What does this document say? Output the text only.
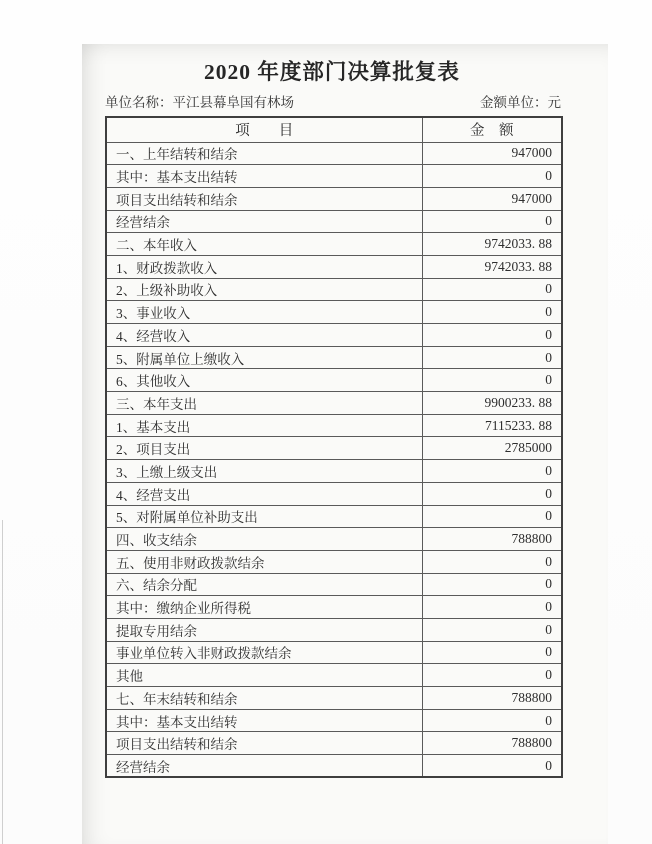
2020 年度部门决算批复表
单位名称：平江县幕阜国有林场	金额单位：元
项　　目	金　额
一、上年结转和结余	947000
其中：基本支出结转	0
项目支出结转和结余	947000
经营结余	0
二、本年收入	9742033. 88
1、财政拨款收入	9742033. 88
2、上级补助收入	0
3、事业收入	0
4、经营收入	0
5、附属单位上缴收入	0
6、其他收入	0
三、本年支出	9900233. 88
1、基本支出	7115233. 88
2、项目支出	2785000
3、上缴上级支出	0
4、经营支出	0
5、对附属单位补助支出	0
四、收支结余	788800
五、使用非财政拨款结余	0
六、结余分配	0
其中：缴纳企业所得税	0
提取专用结余	0
事业单位转入非财政拨款结余	0
其他	0
七、年末结转和结余	788800
其中：基本支出结转	0
项目支出结转和结余	788800
经营结余	0
